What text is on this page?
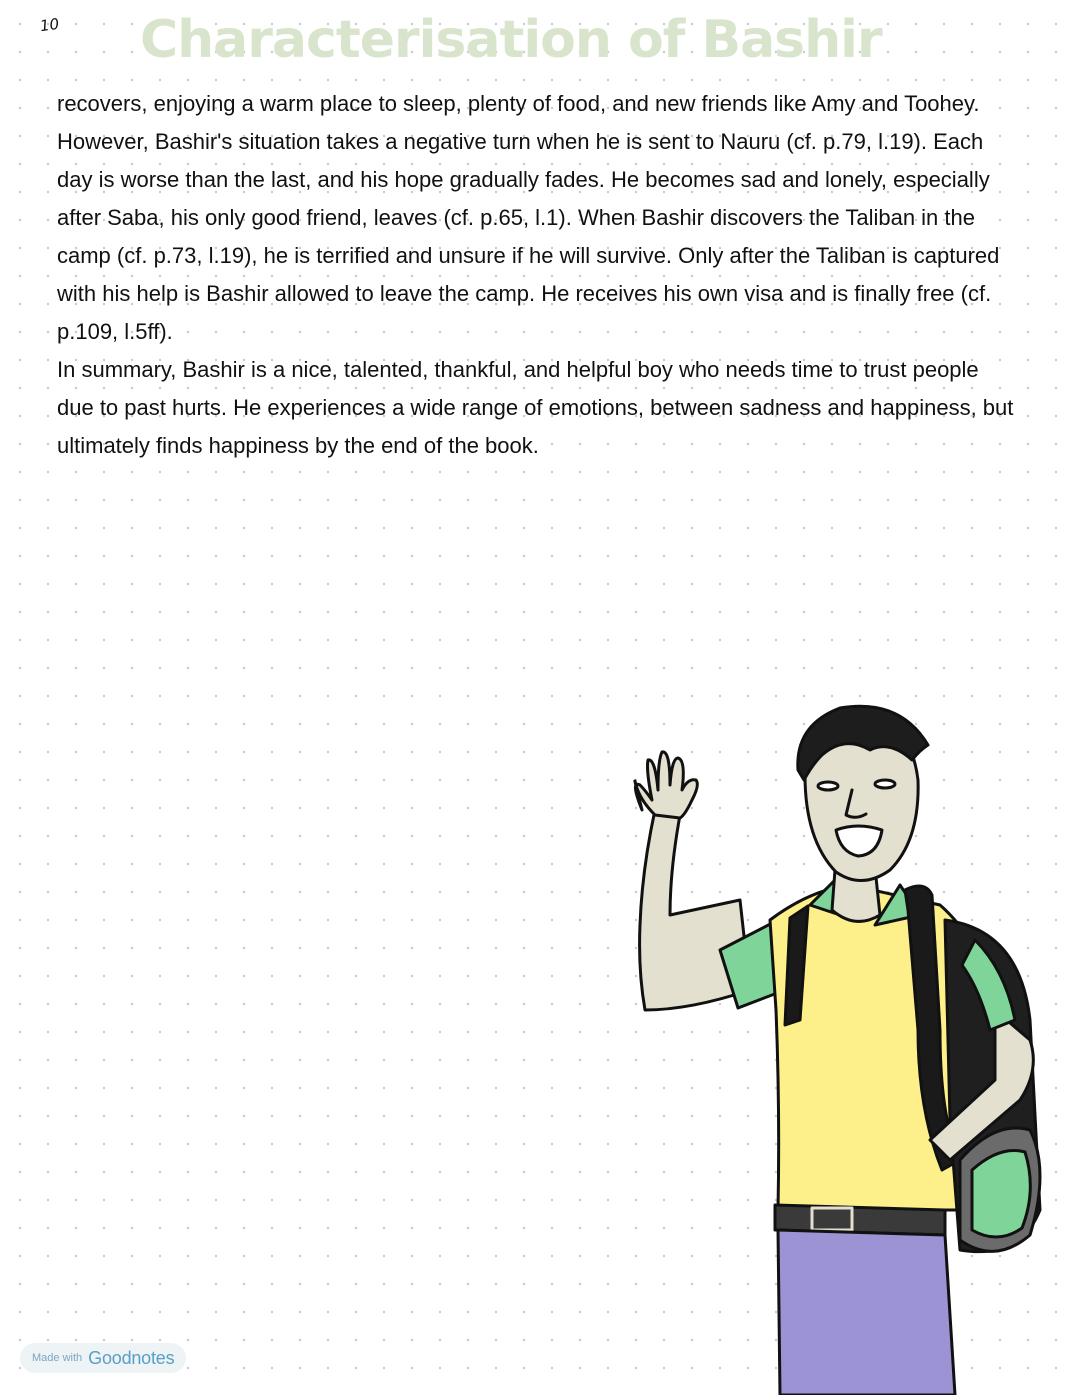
10 Characterisation of Bashir

recovers, enjoying a warm place to sleep, plenty of food, and new friends like Amy and Toohey.

However, Bashir's situation takes a negative turn when he is sent to Nauru (cf. p.79, l.19). Each day is worse than the last, and his hope gradually fades. He becomes sad and lonely, especially after Saba, his only good friend, leaves (cf. p.65, l.1). When Bashir discovers the Taliban in the camp (cf. p.73, l.19), he is terrified and unsure if he will survive. Only after the Taliban is captured with his help is Bashir allowed to leave the camp. He receives his own visa and is finally free (cf. p.109, l.5ff).

In summary, Bashir is a nice, talented, thankful, and helpful boy who needs time to trust people due to past hurts. He experiences a wide range of emotions, between sadness and happiness, but ultimately finds happiness by the end of the book.

Made with Goodnotes
